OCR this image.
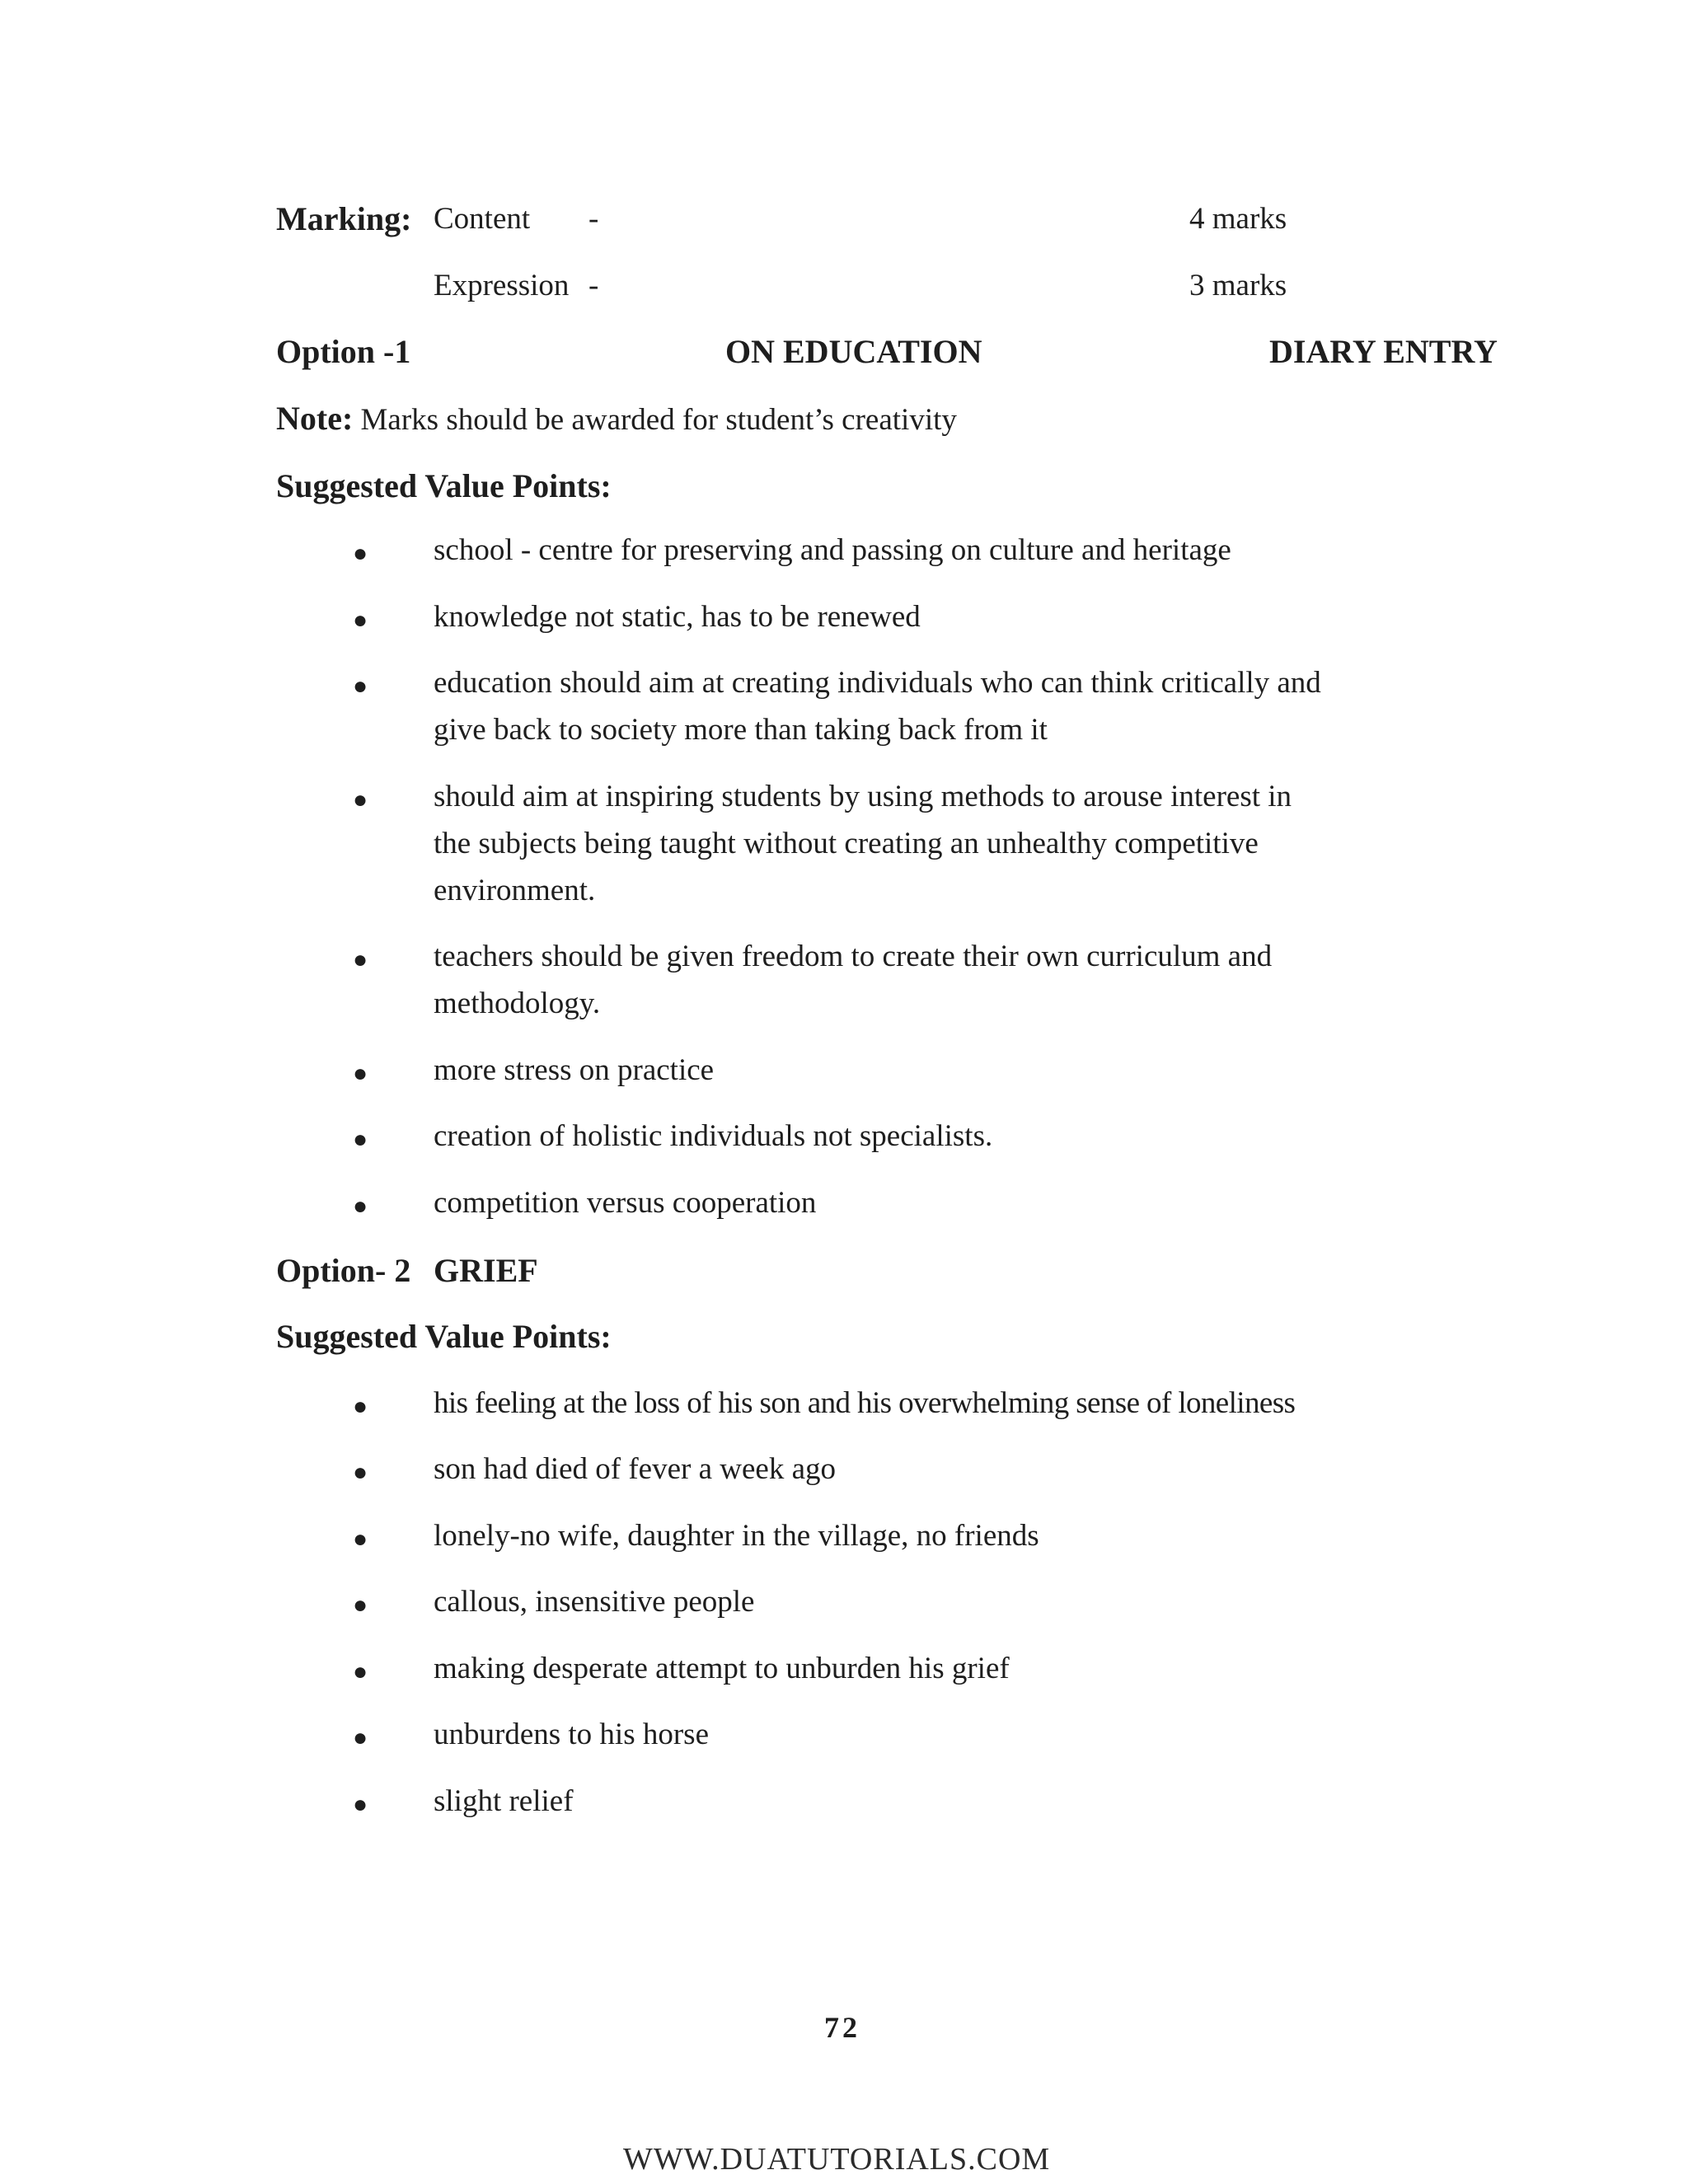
Marking: Content -	4 marks
Expression -	3 marks
Option -1	ON EDUCATION	DIARY ENTRY
Note: Marks should be awarded for student’s creativity
Suggested Value Points:
● school - centre for preserving and passing on culture and heritage
● knowledge not static, has to be renewed
● education should aim at creating individuals who can think critically and give back to society more than taking back from it
● should aim at inspiring students by using methods to arouse interest in the subjects being taught without creating an unhealthy competitive environment.
● teachers should be given freedom to create their own curriculum and methodology.
● more stress on practice
● creation of holistic individuals not specialists.
● competition versus cooperation
Option- 2 GRIEF
Suggested Value Points:
● his feeling at the loss of his son and his overwhelming sense of loneliness
● son had died of fever a week ago
● lonely-no wife, daughter in the village, no friends
● callous, insensitive people
● making desperate attempt to unburden his grief
● unburdens to his horse
● slight relief
72
WWW.DUATUTORIALS.COM
